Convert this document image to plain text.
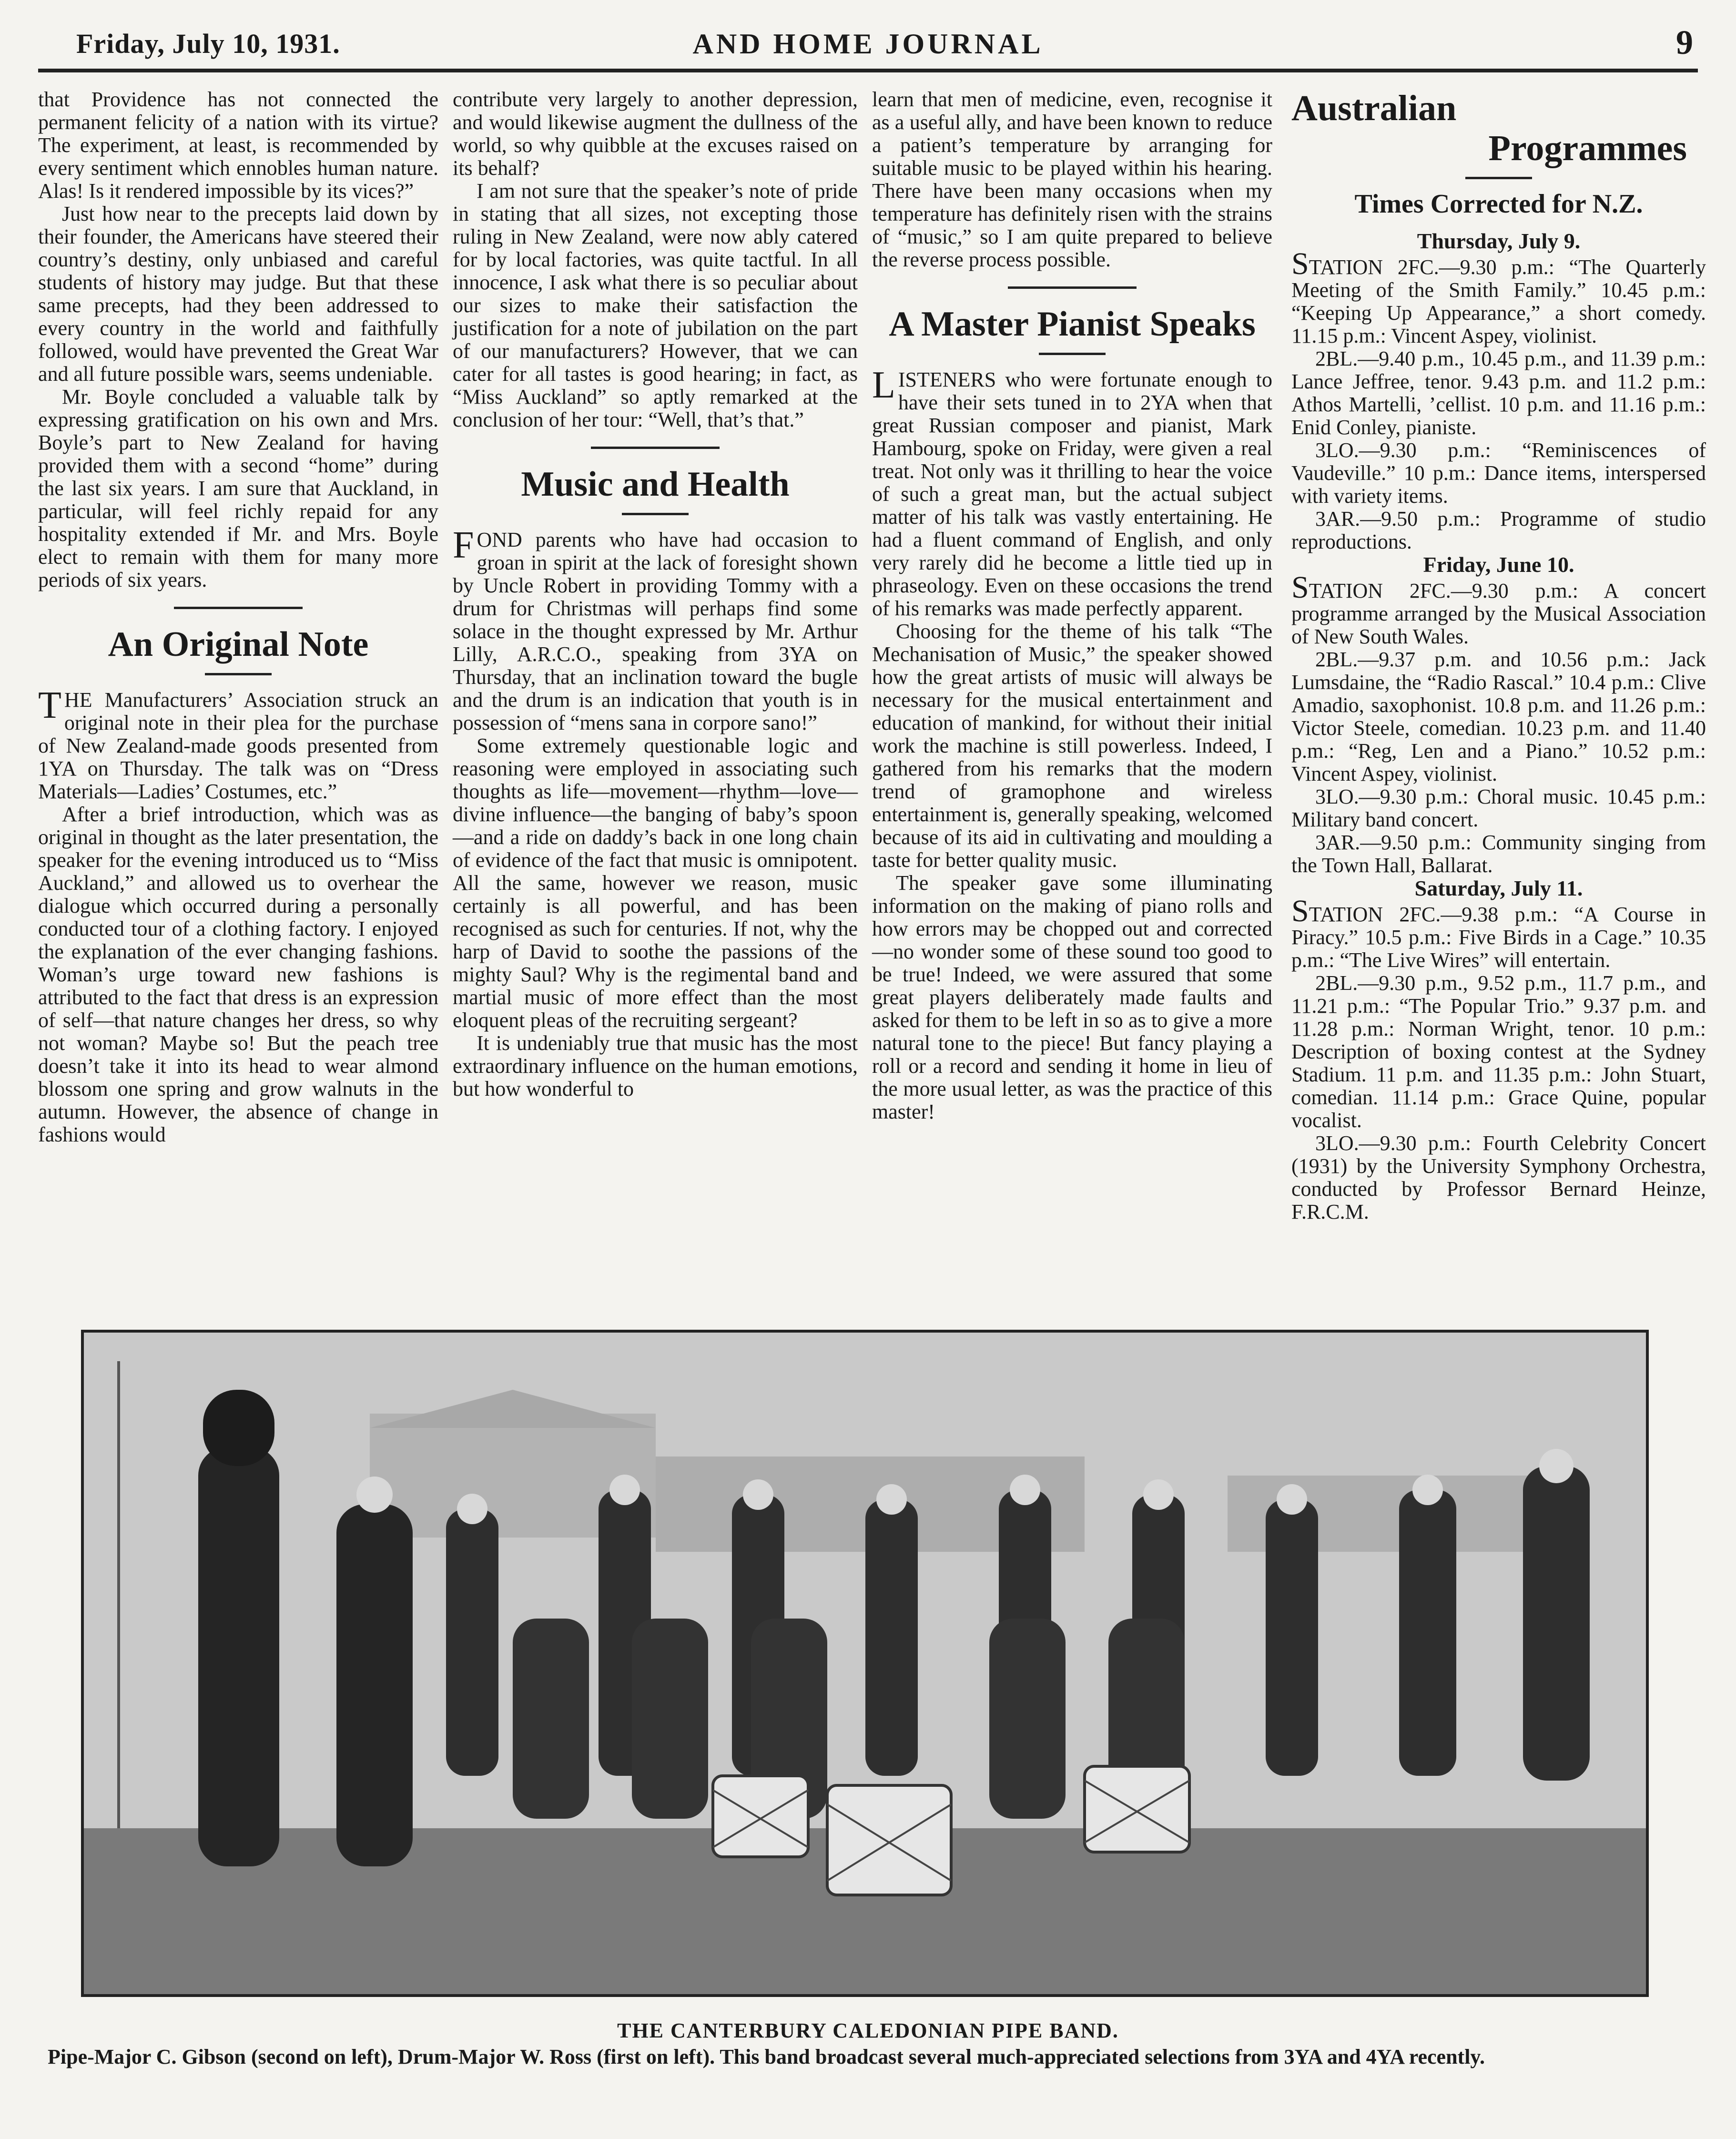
Friday, July 10, 1931.	AND HOME JOURNAL	9

that Providence has not connected the permanent felicity of a nation with its virtue? The experiment, at least, is recommended by every sentiment which ennobles human nature. Alas! Is it rendered impossible by its vices?”

Just how near to the precepts laid down by their founder, the Americans have steered their country’s destiny, only unbiased and careful students of history may judge. But that these same precepts, had they been addressed to every country in the world and faithfully followed, would have prevented the Great War and all future possible wars, seems undeniable.

Mr. Boyle concluded a valuable talk by expressing gratification on his own and Mrs. Boyle’s part to New Zealand for having provided them with a second “home” during the last six years. I am sure that Auckland, in particular, will feel richly repaid for any hospitality extended if Mr. and Mrs. Boyle elect to remain with them for many more periods of six years.

An Original Note

THE Manufacturers’ Association struck an original note in their plea for the purchase of New Zealand-made goods presented from 1YA on Thursday. The talk was on “Dress Materials—Ladies’ Costumes, etc.”

After a brief introduction, which was as original in thought as the later presentation, the speaker for the evening introduced us to “Miss Auckland,” and allowed us to overhear the dialogue which occurred during a personally conducted tour of a clothing factory. I enjoyed the explanation of the ever changing fashions. Woman’s urge toward new fashions is attributed to the fact that dress is an expression of self—that nature changes her dress, so why not woman? Maybe so! But the peach tree doesn’t take it into its head to wear almond blossom one spring and grow walnuts in the autumn. However, the absence of change in fashions would

contribute very largely to another depression, and would likewise augment the dullness of the world, so why quibble at the excuses raised on its behalf?

I am not sure that the speaker’s note of pride in stating that all sizes, not excepting those ruling in New Zealand, were now ably catered for by local factories, was quite tactful. In all innocence, I ask what there is so peculiar about our sizes to make their satisfaction the justification for a note of jubilation on the part of our manufacturers? However, that we can cater for all tastes is good hearing; in fact, as “Miss Auckland” so aptly remarked at the conclusion of her tour: “Well, that’s that.”

Music and Health

FOND parents who have had occasion to groan in spirit at the lack of foresight shown by Uncle Robert in providing Tommy with a drum for Christmas will perhaps find some solace in the thought expressed by Mr. Arthur Lilly, A.R.C.O., speaking from 3YA on Thursday, that an inclination toward the bugle and the drum is an indication that youth is in possession of “mens sana in corpore sano!”

Some extremely questionable logic and reasoning were employed in associating such thoughts as life—movement—rhythm—love—divine influence—the banging of baby’s spoon—and a ride on daddy’s back in one long chain of evidence of the fact that music is omnipotent. All the same, however we reason, music certainly is all powerful, and has been recognised as such for centuries. If not, why the harp of David to soothe the passions of the mighty Saul? Why is the regimental band and martial music of more effect than the most eloquent pleas of the recruiting sergeant?

It is undeniably true that music has the most extraordinary influence on the human emotions, but how wonderful to

learn that men of medicine, even, recognise it as a useful ally, and have been known to reduce a patient’s temperature by arranging for suitable music to be played within his hearing. There have been many occasions when my temperature has definitely risen with the strains of “music,” so I am quite prepared to believe the reverse process possible.

A Master Pianist Speaks

LISTENERS who were fortunate enough to have their sets tuned in to 2YA when that great Russian composer and pianist, Mark Hambourg, spoke on Friday, were given a real treat. Not only was it thrilling to hear the voice of such a great man, but the actual subject matter of his talk was vastly entertaining. He had a fluent command of English, and only very rarely did he become a little tied up in phraseology. Even on these occasions the trend of his remarks was made perfectly apparent.

Choosing for the theme of his talk “The Mechanisation of Music,” the speaker showed how the great artists of music will always be necessary for the musical entertainment and education of mankind, for without their initial work the machine is still powerless. Indeed, I gathered from his remarks that the modern trend of gramophone and wireless entertainment is, generally speaking, welcomed because of its aid in cultivating and moulding a taste for better quality music.

The speaker gave some illuminating information on the making of piano rolls and how errors may be chopped out and corrected—no wonder some of these sound too good to be true! Indeed, we were assured that some great players deliberately made faults and asked for them to be left in so as to give a more natural tone to the piece! But fancy playing a roll or a record and sending it home in lieu of the more usual letter, as was the practice of this master!

Australian
Programmes
Times Corrected for N.Z.

Thursday, July 9.

STATION 2FC.—9.30 p.m.: “The Quarterly Meeting of the Smith Family.” 10.45 p.m.: “Keeping Up Appearance,” a short comedy. 11.15 p.m.: Vincent Aspey, violinist.

2BL.—9.40 p.m., 10.45 p.m., and 11.39 p.m.: Lance Jeffree, tenor. 9.43 p.m. and 11.2 p.m.: Athos Martelli, ’cellist. 10 p.m. and 11.16 p.m.: Enid Conley, pianiste.

3LO.—9.30 p.m.: “Reminiscences of Vaudeville.” 10 p.m.: Dance items, interspersed with variety items.

3AR.—9.50 p.m.: Programme of studio reproductions.

Friday, June 10.

STATION 2FC.—9.30 p.m.: A concert programme arranged by the Musical Association of New South Wales.

2BL.—9.37 p.m. and 10.56 p.m.: Jack Lumsdaine, the “Radio Rascal.” 10.4 p.m.: Clive Amadio, saxophonist. 10.8 p.m. and 11.26 p.m.: Victor Steele, comedian. 10.23 p.m. and 11.40 p.m.: “Reg, Len and a Piano.” 10.52 p.m.: Vincent Aspey, violinist.

3LO.—9.30 p.m.: Choral music. 10.45 p.m.: Military band concert.

3AR.—9.50 p.m.: Community singing from the Town Hall, Ballarat.

Saturday, July 11.

STATION 2FC.—9.38 p.m.: “A Course in Piracy.” 10.5 p.m.: Five Birds in a Cage.” 10.35 p.m.: “The Live Wires” will entertain.

2BL.—9.30 p.m., 9.52 p.m., 11.7 p.m., and 11.21 p.m.: “The Popular Trio.” 9.37 p.m. and 11.28 p.m.: Norman Wright, tenor. 10 p.m.: Description of boxing contest at the Sydney Stadium. 11 p.m. and 11.35 p.m.: John Stuart, comedian. 11.14 p.m.: Grace Quine, popular vocalist.

3LO.—9.30 p.m.: Fourth Celebrity Concert (1931) by the University Symphony Orchestra, conducted by Professor Bernard Heinze, F.R.C.M.

THE CANTERBURY CALEDONIAN PIPE BAND.
Pipe-Major C. Gibson (second on left), Drum-Major W. Ross (first on left). This band broadcast several much-appreciated selections from 3YA and 4YA recently.
